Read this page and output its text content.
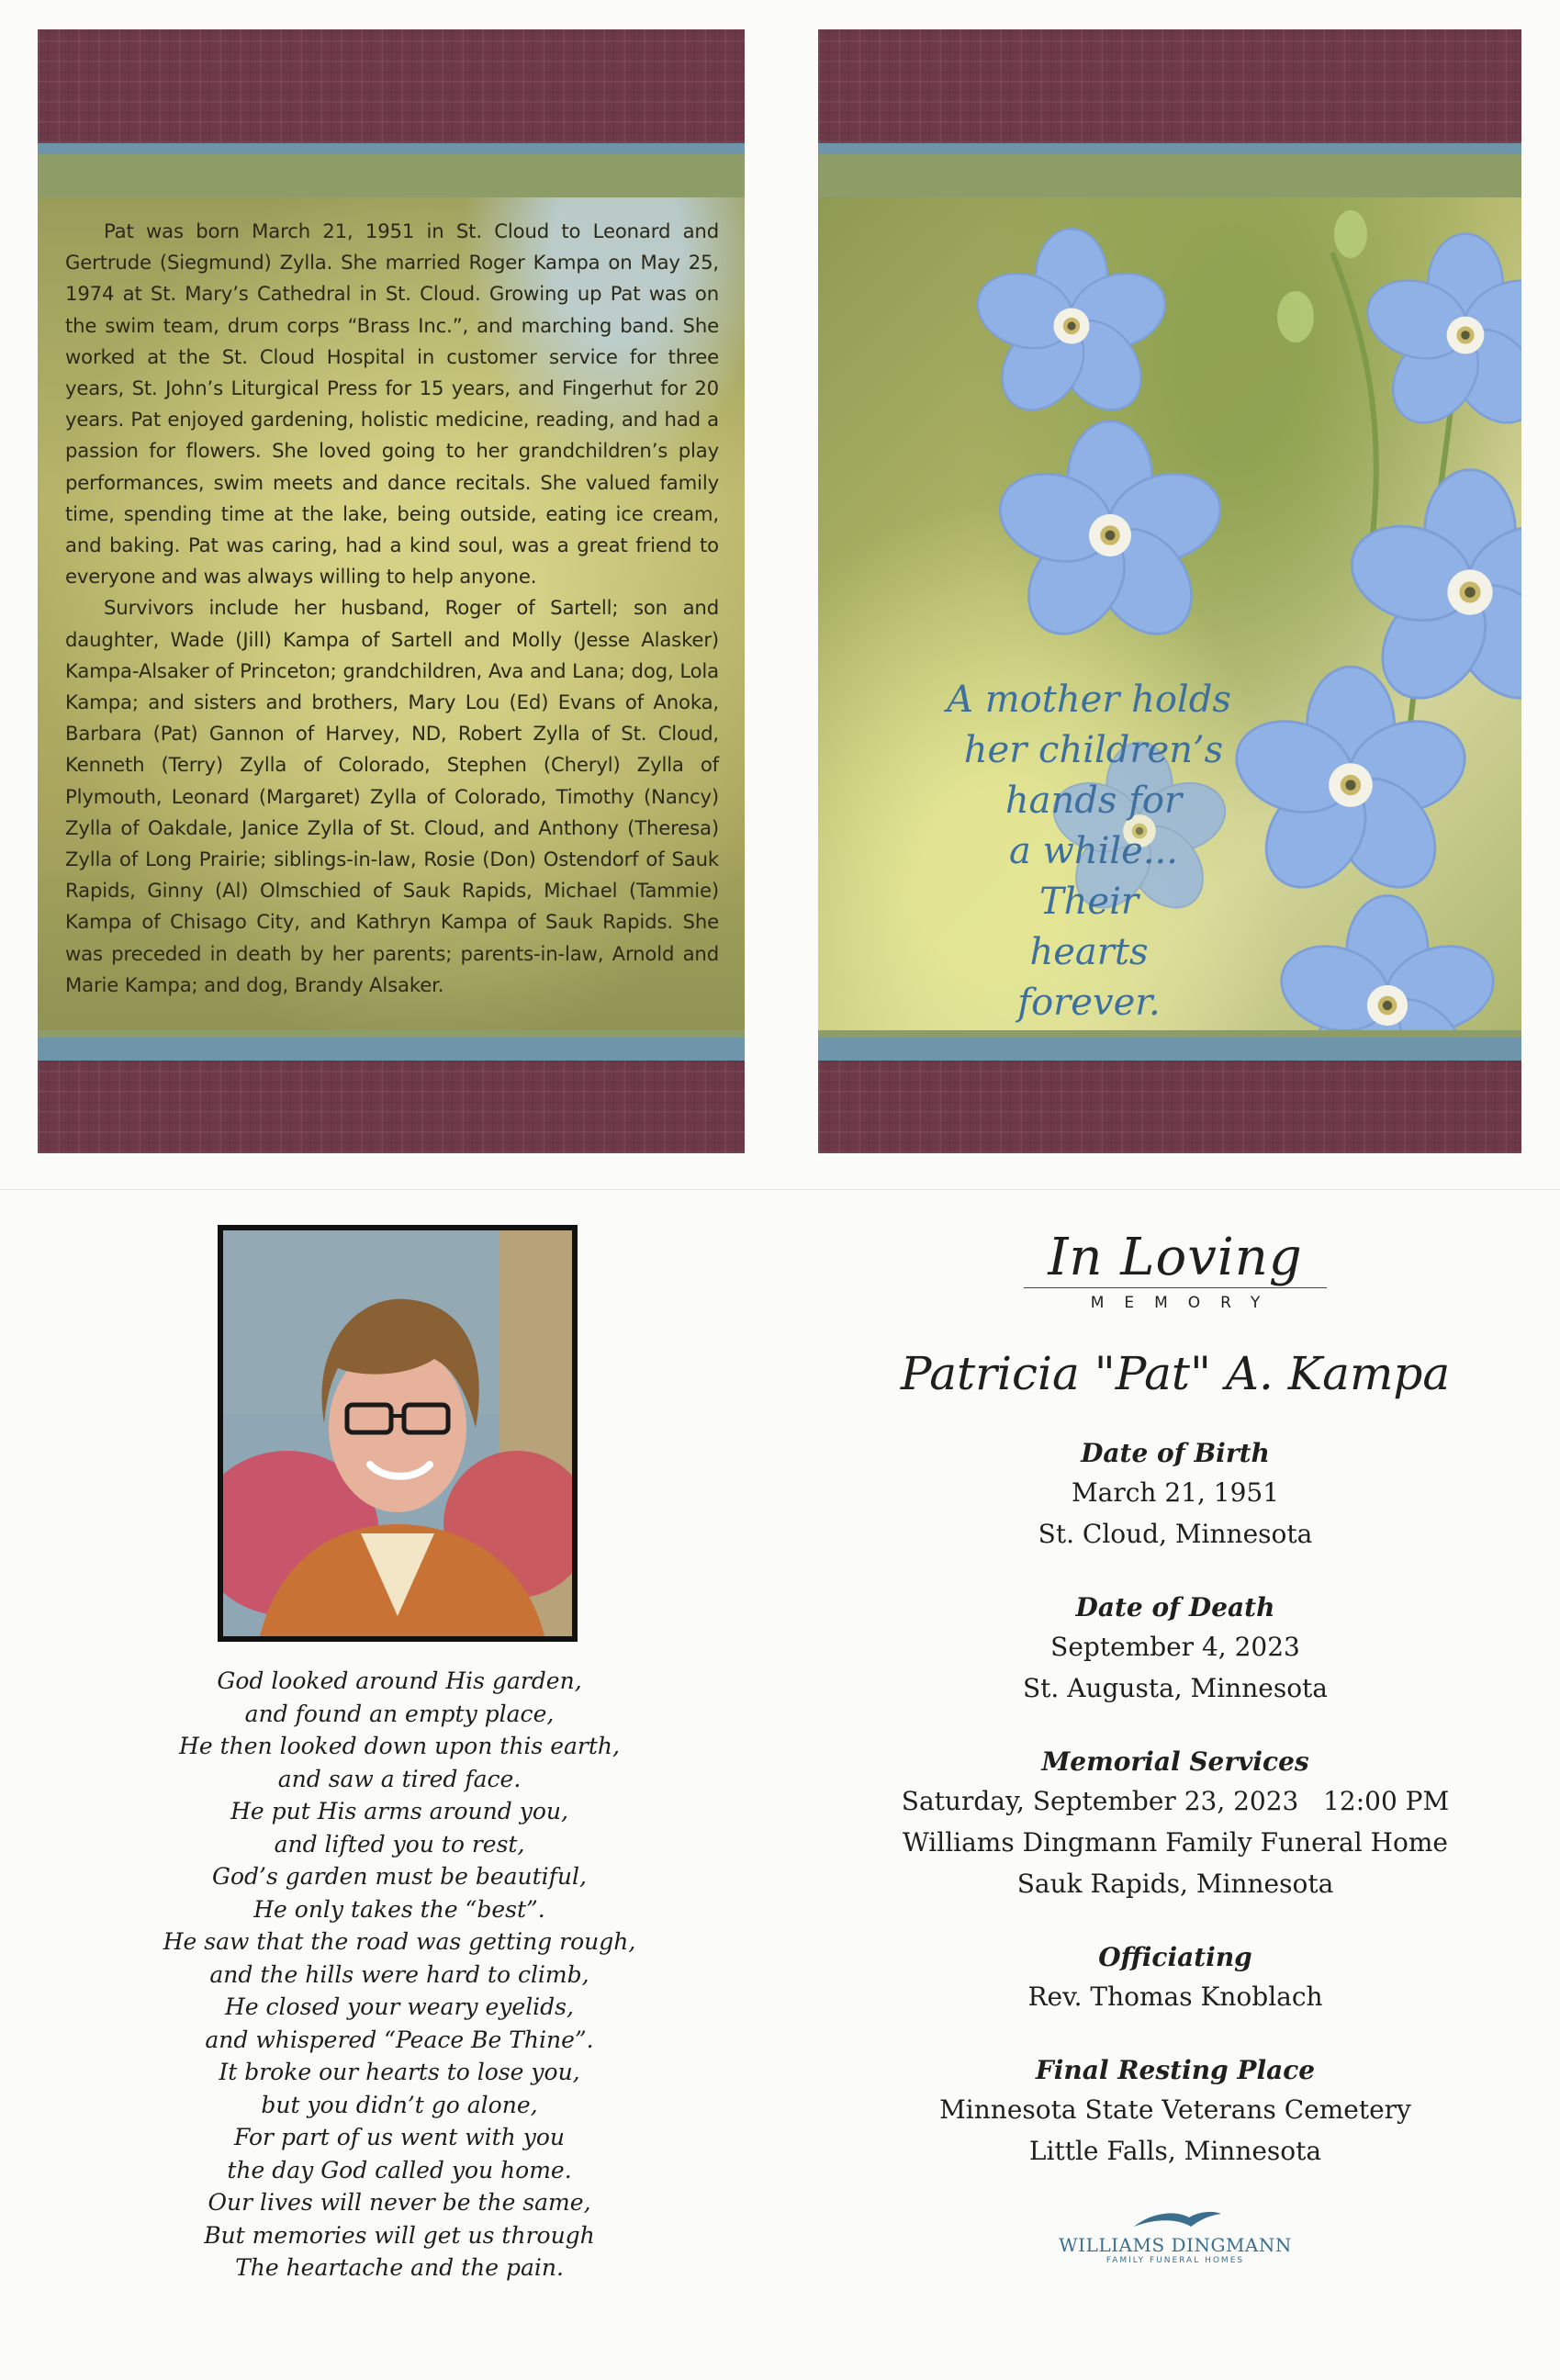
Pat was born March 21, 1951 in St. Cloud to Leonard and Gertrude (Siegmund) Zylla. She married Roger Kampa on May 25, 1974 at St. Mary’s Cathedral in St. Cloud. Growing up Pat was on the swim team, drum corps “Brass Inc.”, and marching band. She worked at the St. Cloud Hospital in customer service for three years, St. John’s Liturgical Press for 15 years, and Fingerhut for 20 years. Pat enjoyed gardening, holistic medicine, reading, and had a passion for flowers. She loved going to her grandchildren’s play performances, swim meets and dance recitals. She valued family time, spending time at the lake, being outside, eating ice cream, and baking. Pat was caring, had a kind soul, was a great friend to everyone and was always willing to help anyone.

Survivors include her husband, Roger of Sartell; son and daughter, Wade (Jill) Kampa of Sartell and Molly (Jesse Alasker) Kampa-Alsaker of Princeton; grandchildren, Ava and Lana; dog, Lola Kampa; and sisters and brothers, Mary Lou (Ed) Evans of Anoka, Barbara (Pat) Gannon of Harvey, ND, Robert Zylla of St. Cloud, Kenneth (Terry) Zylla of Colorado, Stephen (Cheryl) Zylla of Plymouth, Leonard (Margaret) Zylla of Colorado, Timothy (Nancy) Zylla of Oakdale, Janice Zylla of St. Cloud, and Anthony (Theresa) Zylla of Long Prairie; siblings-in-law, Rosie (Don) Ostendorf of Sauk Rapids, Ginny (Al) Olmschied of Sauk Rapids, Michael (Tammie) Kampa of Chisago City, and Kathryn Kampa of Sauk Rapids. She was preceded in death by her parents; parents-in-law, Arnold and Marie Kampa; and dog, Brandy Alsaker.

A mother holds
her children’s
hands for
a while...
Their
hearts
forever.
God looked around His garden,
and found an empty place,
He then looked down upon this earth,
and saw a tired face.
He put His arms around you,
and lifted you to rest,
God’s garden must be beautiful,
He only takes the “best”.
He saw that the road was getting rough,
and the hills were hard to climb,
He closed your weary eyelids,
and whispered “Peace Be Thine”.
It broke our hearts to lose you,
but you didn’t go alone,
For part of us went with you
the day God called you home.
Our lives will never be the same,
But memories will get us through
The heartache and the pain.
In Loving
MEMORY
Patricia "Pat" A. Kampa
Date of Birth
March 21, 1951
St. Cloud, Minnesota
Date of Death
September 4, 2023
St. Augusta, Minnesota
Memorial Services
Saturday, September 23, 2023   12:00 PM
Williams Dingmann Family Funeral Home
Sauk Rapids, Minnesota
Officiating
Rev. Thomas Knoblach
Final Resting Place
Minnesota State Veterans Cemetery
Little Falls, Minnesota
WILLIAMS DINGMANN
FAMILY FUNERAL HOMES
